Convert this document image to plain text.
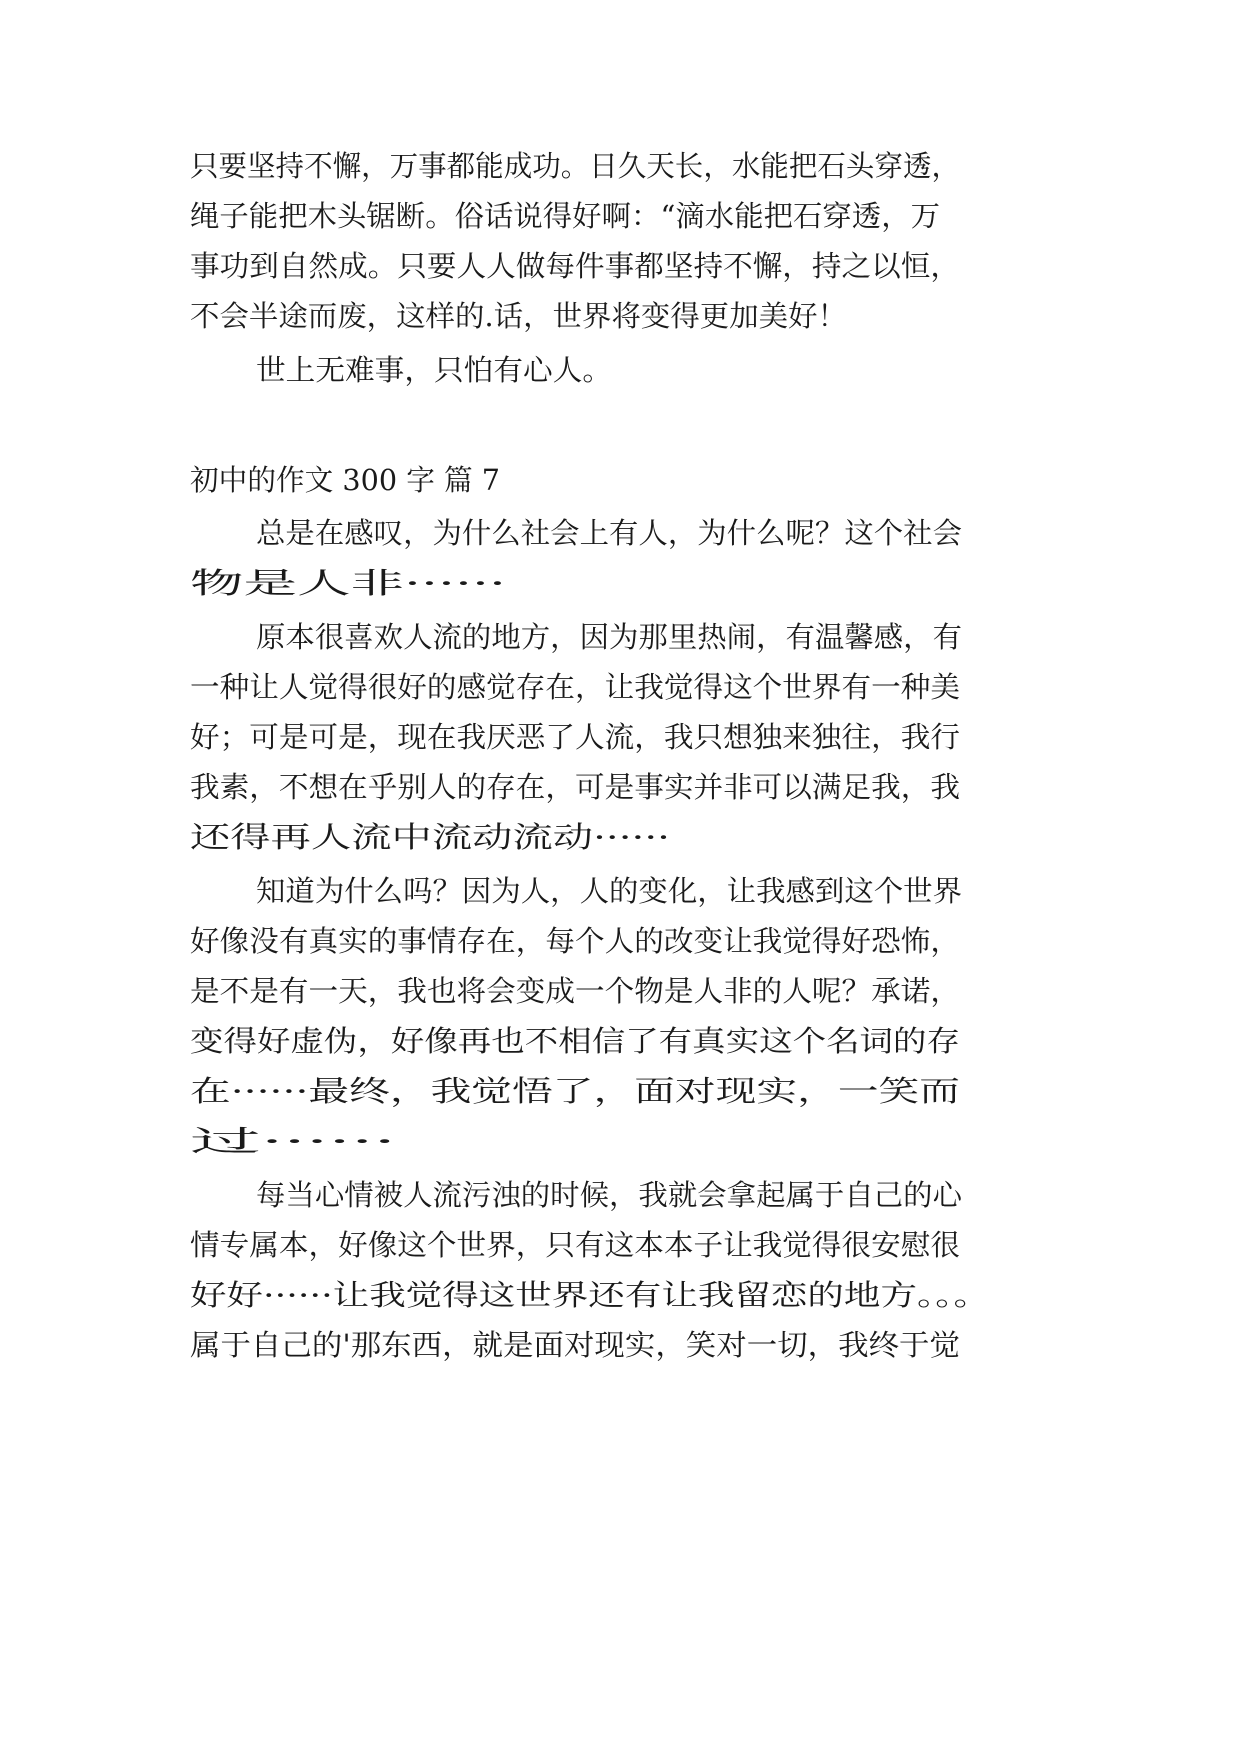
只要坚持不懈，万事都能成功。日久天长，水能把石头穿透，
绳子能把木头锯断。俗话说得好啊：“滴水能把石穿透，万
事功到自然成。只要人人做每件事都坚持不懈，持之以恒，
不会半途而废，这样的.话，世界将变得更加美好！
世上无难事，只怕有心人。
初中的作文 300 字 篇 7
总是在感叹，为什么社会上有人，为什么呢？这个社会
物是人非······
原本很喜欢人流的地方，因为那里热闹，有温馨感，有
一种让人觉得很好的感觉存在，让我觉得这个世界有一种美
好；可是可是，现在我厌恶了人流，我只想独来独往，我行
我素，不想在乎别人的存在，可是事实并非可以满足我，我
还得再人流中流动流动······
知道为什么吗？因为人，人的变化，让我感到这个世界
好像没有真实的事情存在，每个人的改变让我觉得好恐怖，
是不是有一天，我也将会变成一个物是人非的人呢？承诺，
变得好虚伪，好像再也不相信了有真实这个名词的存
在······最终，我觉悟了，面对现实，一笑而
过······
每当心情被人流污浊的时候，我就会拿起属于自己的心
情专属本，好像这个世界，只有这本本子让我觉得很安慰很
好好······让我觉得这世界还有让我留恋的地方。。。
属于自己的'那东西，就是面对现实，笑对一切，我终于觉
